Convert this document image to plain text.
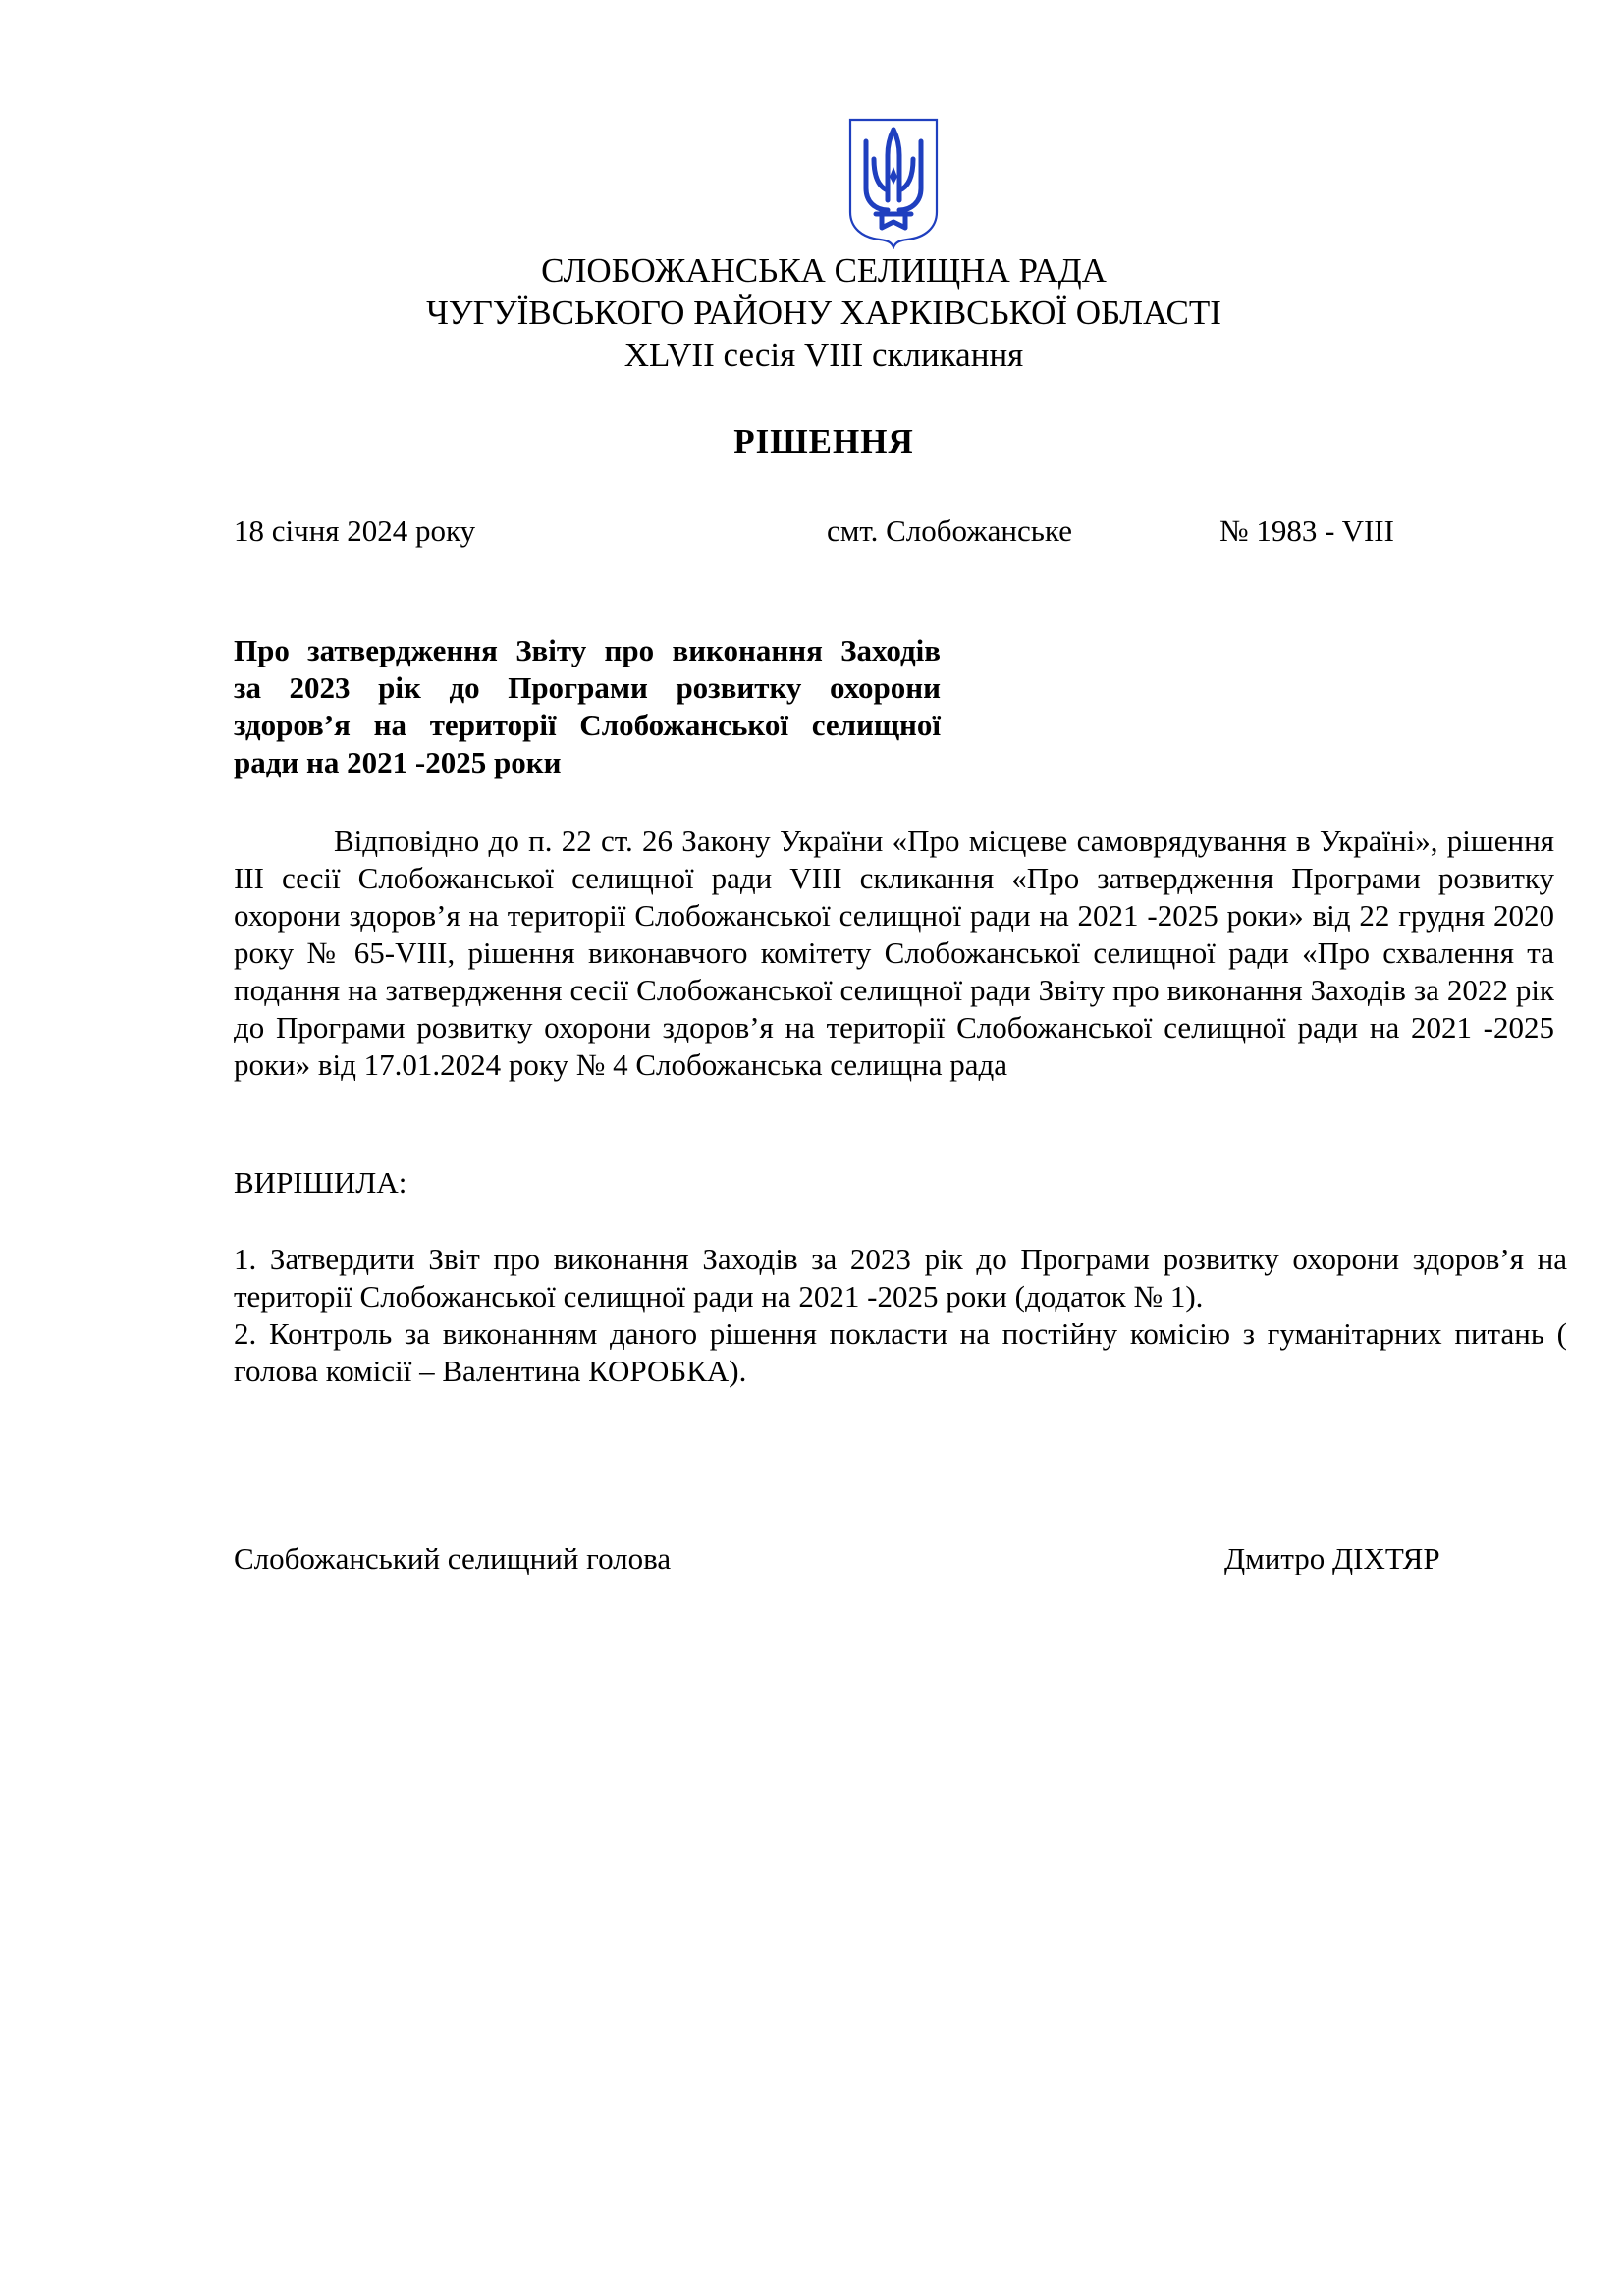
СЛОБОЖАНСЬКА СЕЛИЩНА РАДА
ЧУГУЇВСЬКОГО РАЙОНУ ХАРКІВСЬКОЇ ОБЛАСТІ
XLVII сесія VIII скликання
РІШЕННЯ
18 січня 2024 року	смт. Слобожанське	№ 1983 - VIII
Про затвердження Звіту про виконання Заходів
за 2023 рік до Програми розвитку охорони
здоров’я на території Слобожанської селищної
ради на 2021 -2025 роки
Відповідно до п. 22 ст. 26 Закону України «Про місцеве самоврядування в Україні», рішення ІІІ сесії Слобожанської селищної ради VIII скликання «Про затвердження Програми розвитку охорони здоров’я на території Слобожанської селищної ради на 2021 -2025 роки» від 22 грудня 2020 року № 65-VIII, рішення виконавчого комітету Слобожанської селищної ради «Про схвалення та подання на затвердження сесії Слобожанської селищної ради Звіту про виконання Заходів за 2022 рік до Програми розвитку охорони здоров’я на території Слобожанської селищної ради на 2021 -2025 роки» від 17.01.2024 року № 4 Слобожанська селищна рада
ВИРІШИЛА:
1. Затвердити Звіт про виконання Заходів за 2023 рік до Програми розвитку охорони здоров’я на території Слобожанської селищної ради на 2021 -2025 роки (додаток № 1).
2. Контроль за виконанням даного рішення покласти на постійну комісію з гуманітарних питань ( голова комісії – Валентина КОРОБКА).
Слобожанський селищний голова	Дмитро ДІХТЯР
